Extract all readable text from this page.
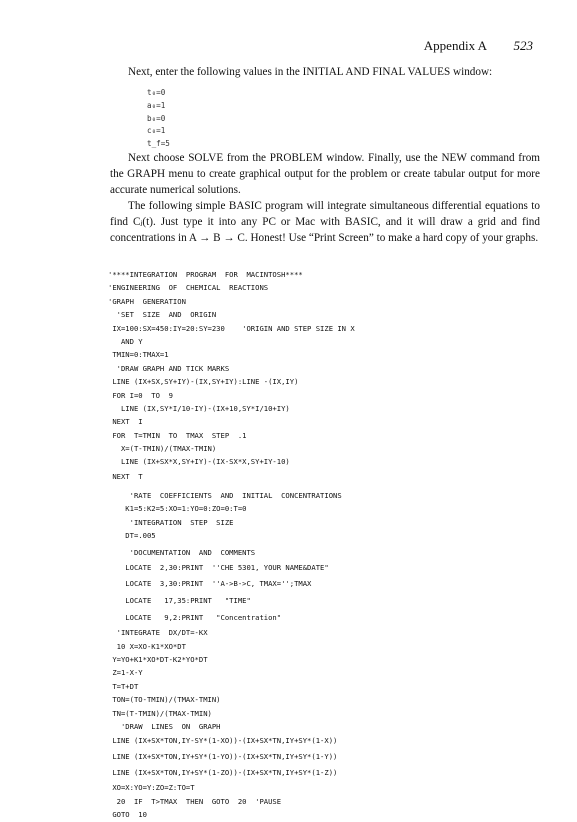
Appendix A 523

Next, enter the following values in the INITIAL AND FINAL VALUES window:

t₀=0
a₀=1
b₀=0
c₀=1
t_f=5

Next choose SOLVE from the PROBLEM window. Finally, use the NEW command from the GRAPH menu to create graphical output for the problem or create tabular output for more accurate numerical solutions.

The following simple BASIC program will integrate simultaneous differential equations to find Cⱼ(t). Just type it into any PC or Mac with BASIC, and it will draw a grid and find concentrations in A → B → C. Honest! Use “Print Screen” to make a hard copy of your graphs.

'****INTEGRATION  PROGRAM  FOR  MACINTOSH****
'ENGINEERING  OF  CHEMICAL  REACTIONS
'GRAPH  GENERATION
'SET  SIZE  AND  ORIGIN
IX=100:SX=450:IY=20:SY=230    'ORIGIN AND STEP SIZE IN X
AND Y
TMIN=0:TMAX=1
'DRAW GRAPH AND TICK MARKS
LINE (IX+SX,SY+IY)-(IX,SY+IY):LINE -(IX,IY)
FOR I=0  TO  9
LINE (IX,SY*I/10-IY)-(IX+10,SY*I/10+IY)
NEXT  I
FOR  T=TMIN  TO  TMAX  STEP  .1
X=(T-TMIN)/(TMAX-TMIN)
LINE (IX+SX*X,SY+IY)-(IX-SX*X,SY+IY-10)
NEXT  T
'RATE  COEFFICIENTS  AND  INITIAL  CONCENTRATIONS
K1=5:K2=5:XO=1:YO=0:ZO=0:T=0
'INTEGRATION  STEP  SIZE
DT=.005
'DOCUMENTATION  AND  COMMENTS
LOCATE  2,30:PRINT  ''CHE 5301, YOUR NAME&DATE"
LOCATE  3,30:PRINT  ''A->B->C, TMAX='';TMAX
LOCATE   17,35:PRINT   "TIME"
LOCATE   9,2:PRINT   "Concentration"
'INTEGRATE  DX/DT=-KX
10 X=XO-K1*XO*DT
Y=YO+K1*XO*DT-K2*YO*DT
Z=1-X-Y
T=T+DT
TON=(TO-TMIN)/(TMAX-TMIN)
TN=(T-TMIN)/(TMAX-TMIN)
'DRAW  LINES  ON  GRAPH
LINE (IX+SX*TON,IY-SY*(1-XO))-(IX+SX*TN,IY+SY*(1-X))
LINE (IX+SX*TON,IY+SY*(1-YO))-(IX+SX*TN,IY+SY*(1-Y))
LINE (IX+SX*TON,IY+SY*(1-ZO))-(IX+SX*TN,IY+SY*(1-Z))
XO=X:YO=Y:ZO=Z:TO=T
20  IF  T>TMAX  THEN  GOTO  20  'PAUSE
GOTO  10
